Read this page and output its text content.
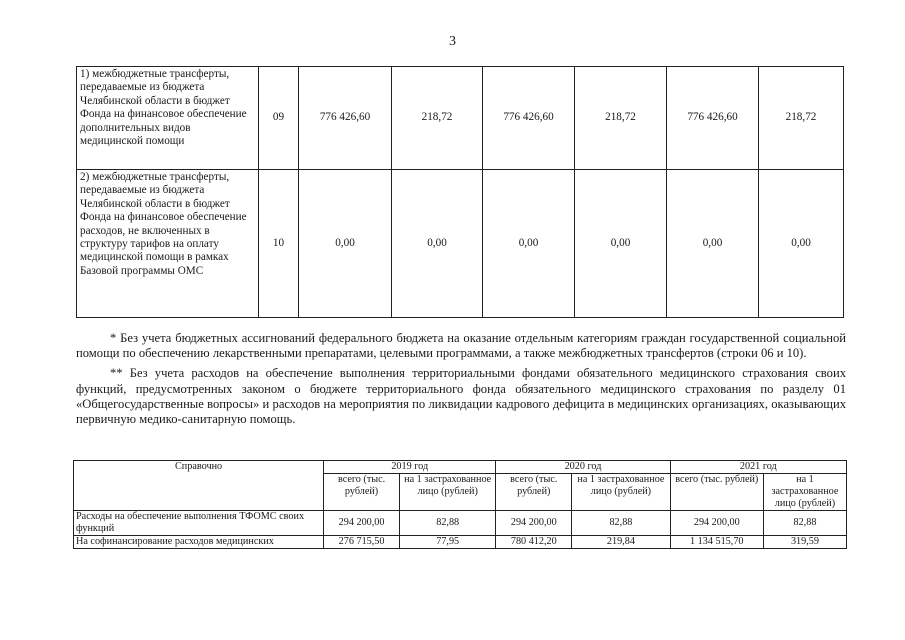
3
1) межбюджетные трансферты, передаваемые из бюджета Челябинской области в бюджет Фонда на финансовое обеспечение дополнительных видов медицинской помощи	09	776 426,60	218,72	776 426,60	218,72	776 426,60	218,72
2) межбюджетные трансферты, передаваемые из бюджета Челябинской области в бюджет Фонда на финансовое обеспечение расходов, не включенных в структуру тарифов на оплату медицинской помощи в рамках Базовой программы ОМС	10	0,00	0,00	0,00	0,00	0,00	0,00

* Без учета бюджетных ассигнований федерального бюджета на оказание отдельным категориям граждан государственной социальной помощи по обеспечению лекарственными препаратами, целевыми программами, а также межбюджетных трансфертов (строки 06 и 10).

** Без учета расходов на обеспечение выполнения территориальными фондами обязательного медицинского страхования своих функций, предусмотренных законом о бюджете территориального фонда обязательного медицинского страхования по разделу 01 «Общегосударственные вопросы» и расходов на мероприятия по ликвидации кадрового дефицита в медицинских организациях, оказывающих первичную медико-санитарную помощь.

Справочно	2019 год		2020 год		2021 год	
	всего (тыс. рублей)	на 1 застрахованное лицо (рублей)	всего (тыс. рублей)	на 1 застрахованное лицо (рублей)	всего (тыс. рублей)	на 1 застрахованное лицо (рублей)
Расходы на обеспечение выполнения ТФОМС своих функций	294 200,00	82,88	294 200,00	82,88	294 200,00	82,88
На софинансирование расходов медицинских	276 715,50	77,95	780 412,20	219,84	1 134 515,70	319,59
